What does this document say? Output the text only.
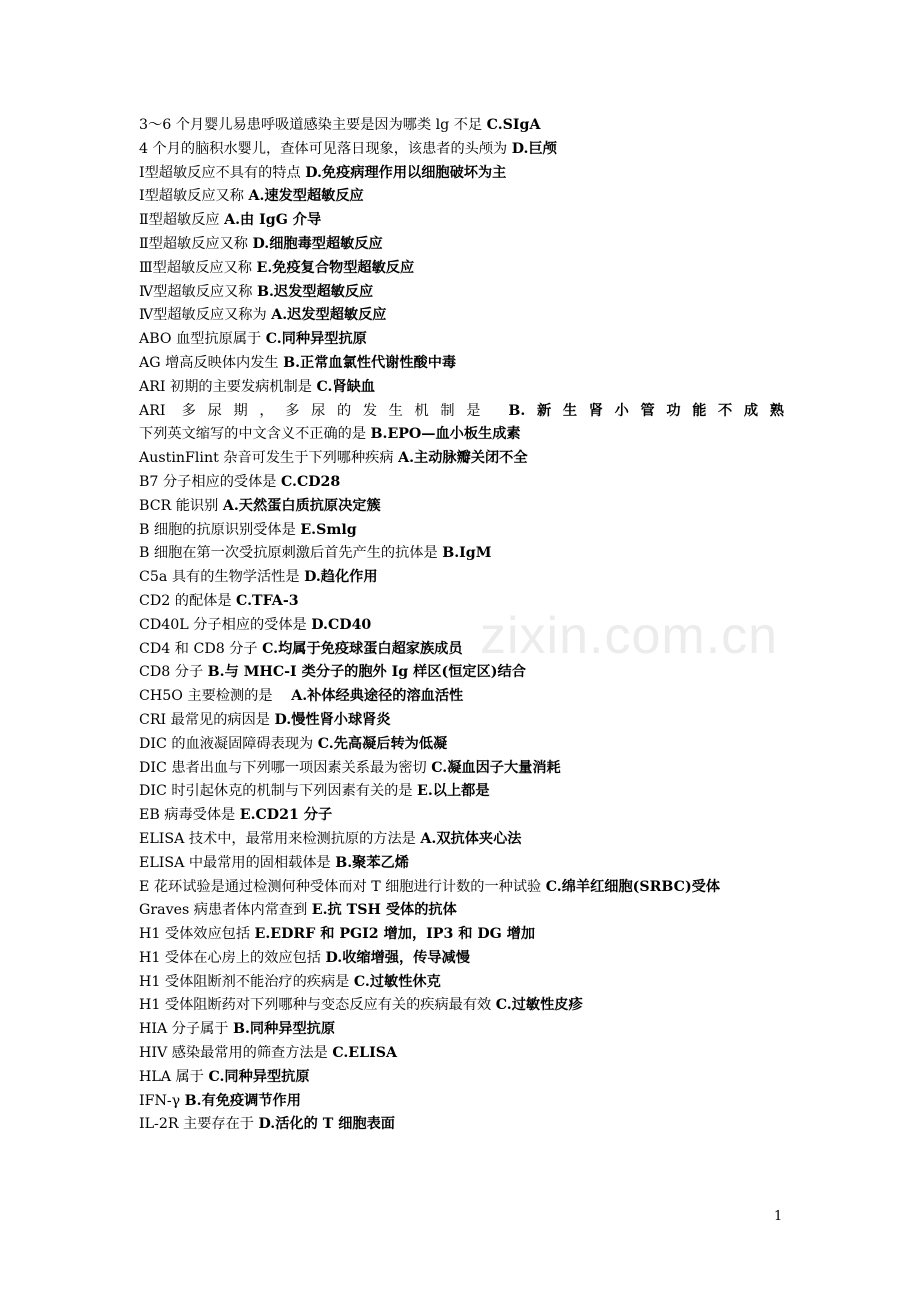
zixin.com.cn
3～6 个月婴儿易患呼吸道感染主要是因为哪类 lg 不足 C.SIgA
4 个月的脑积水婴儿，查体可见落日现象，该患者的头颅为 D.巨颅
Ⅰ型超敏反应不具有的特点 D.免疫病理作用以细胞破坏为主
Ⅰ型超敏反应又称 A.速发型超敏反应
Ⅱ型超敏反应 A.由 IgG 介导
Ⅱ型超敏反应又称 D.细胞毒型超敏反应
Ⅲ型超敏反应又称 E.免疫复合物型超敏反应
Ⅳ型超敏反应又称 B.迟发型超敏反应
Ⅳ型超敏反应又称为 A.迟发型超敏反应
ABO 血型抗原属于 C.同种异型抗原
AG 增高反映体内发生 B.正常血氯性代谢性酸中毒
ARI 初期的主要发病机制是 C.肾缺血
ARI 多尿期，多尿的发生机制是 B.新生肾小管功能不成熟
下列英文缩写的中文含义不正确的是 B.EPO—血小板生成素
AustinFlint 杂音可发生于下列哪种疾病 A.主动脉瓣关闭不全
B7 分子相应的受体是 C.CD28
BCR 能识别 A.天然蛋白质抗原决定簇
B 细胞的抗原识别受体是 E.Smlg
B 细胞在第一次受抗原刺激后首先产生的抗体是 B.IgM
C5a 具有的生物学活性是 D.趋化作用
CD2 的配体是 C.TFA-3
CD40L 分子相应的受体是 D.CD40
CD4 和 CD8 分子 C.均属于免疫球蛋白超家族成员
CD8 分子 B.与 MHC-I 类分子的胞外 Ig 样区(恒定区)结合
CH5O 主要检测的是　 A.补体经典途径的溶血活性
CRI 最常见的病因是 D.慢性肾小球肾炎
DIC 的血液凝固障碍表现为 C.先高凝后转为低凝
DIC 患者出血与下列哪一项因素关系最为密切 C.凝血因子大量消耗
DIC 时引起休克的机制与下列因素有关的是 E.以上都是
EB 病毒受体是 E.CD21 分子
ELISA 技术中，最常用来检测抗原的方法是 A.双抗体夹心法
ELISA 中最常用的固相载体是 B.聚苯乙烯
E 花环试验是通过检测何种受体而对 T 细胞进行计数的一种试验 C.绵羊红细胞(SRBC)受体
Graves 病患者体内常查到 E.抗 TSH 受体的抗体
H1 受体效应包括 E.EDRF 和 PGI2 增加，IP3 和 DG 增加
H1 受体在心房上的效应包括 D.收缩增强，传导减慢
H1 受体阻断剂不能治疗的疾病是 C.过敏性休克
H1 受体阻断药对下列哪种与变态反应有关的疾病最有效 C.过敏性皮疹
HIA 分子属于 B.同种异型抗原
HIV 感染最常用的筛查方法是 C.ELISA
HLA 属于 C.同种异型抗原
IFN-γ B.有免疫调节作用
IL-2R 主要存在于 D.活化的 T 细胞表面
1
